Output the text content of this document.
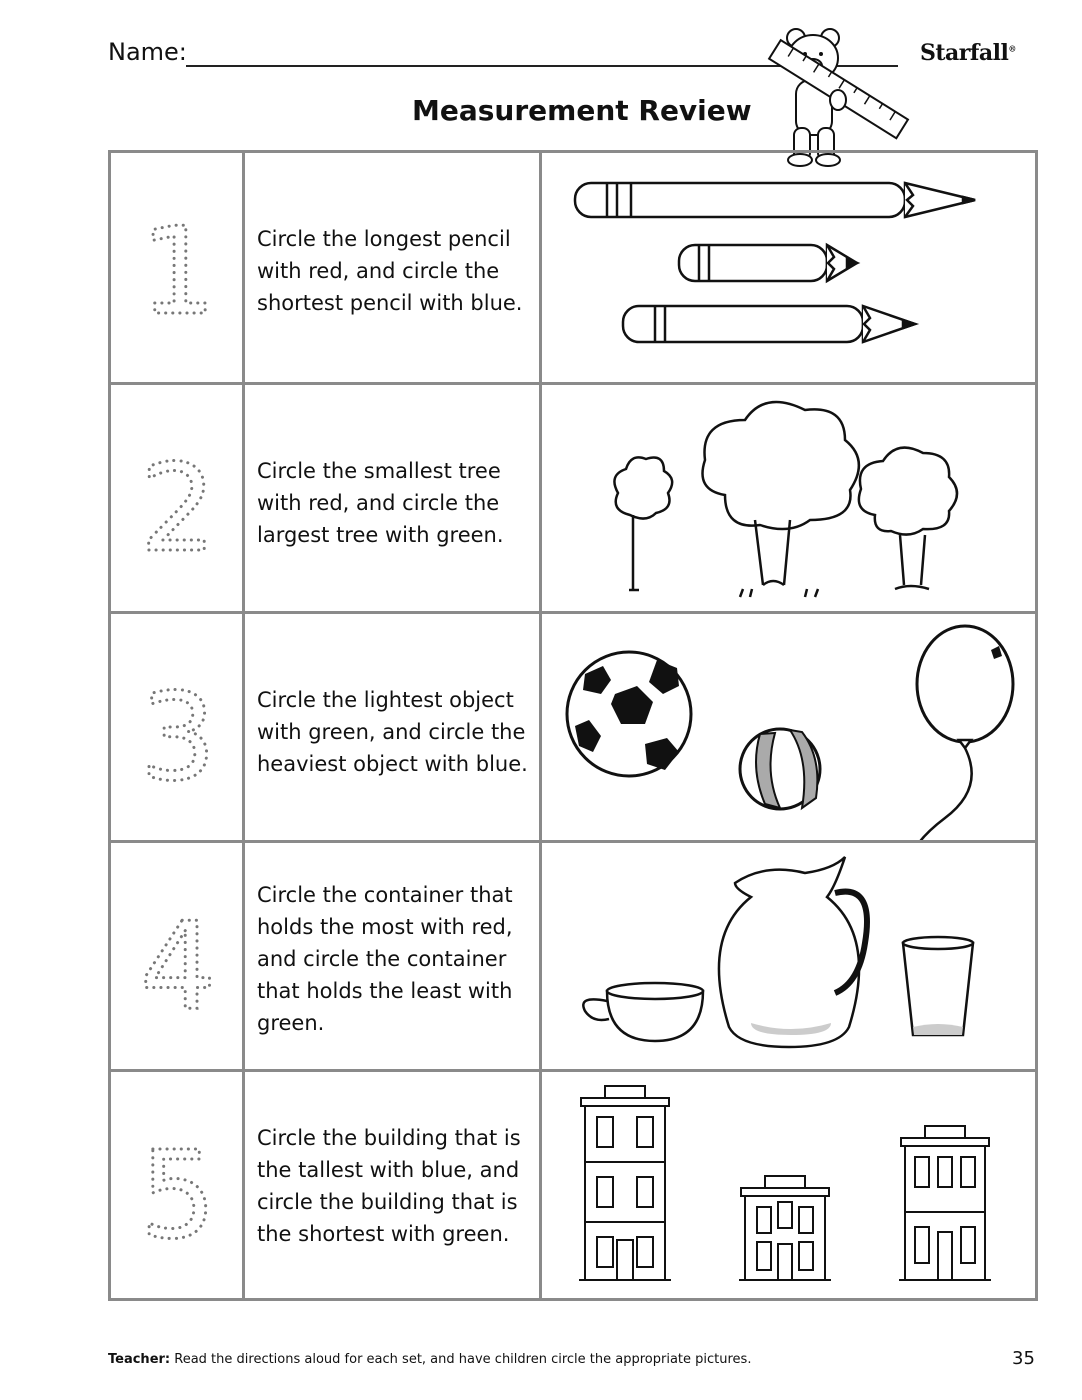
Name:	Starfall®
Measurement Review
1 Circle the longest pencil with red, and circle the shortest pencil with blue.
2 Circle the smallest tree with red, and circle the largest tree with green.
3 Circle the lightest object with green, and circle the heaviest object with blue.
4
Circle the container that holds the most with red, and circle the container that holds the least with green.
5 Circle the building that is the tallest with blue, and circle the building that is the shortest with green.
Teacher: Read the directions aloud for each set, and have children circle the appropriate pictures.	35
